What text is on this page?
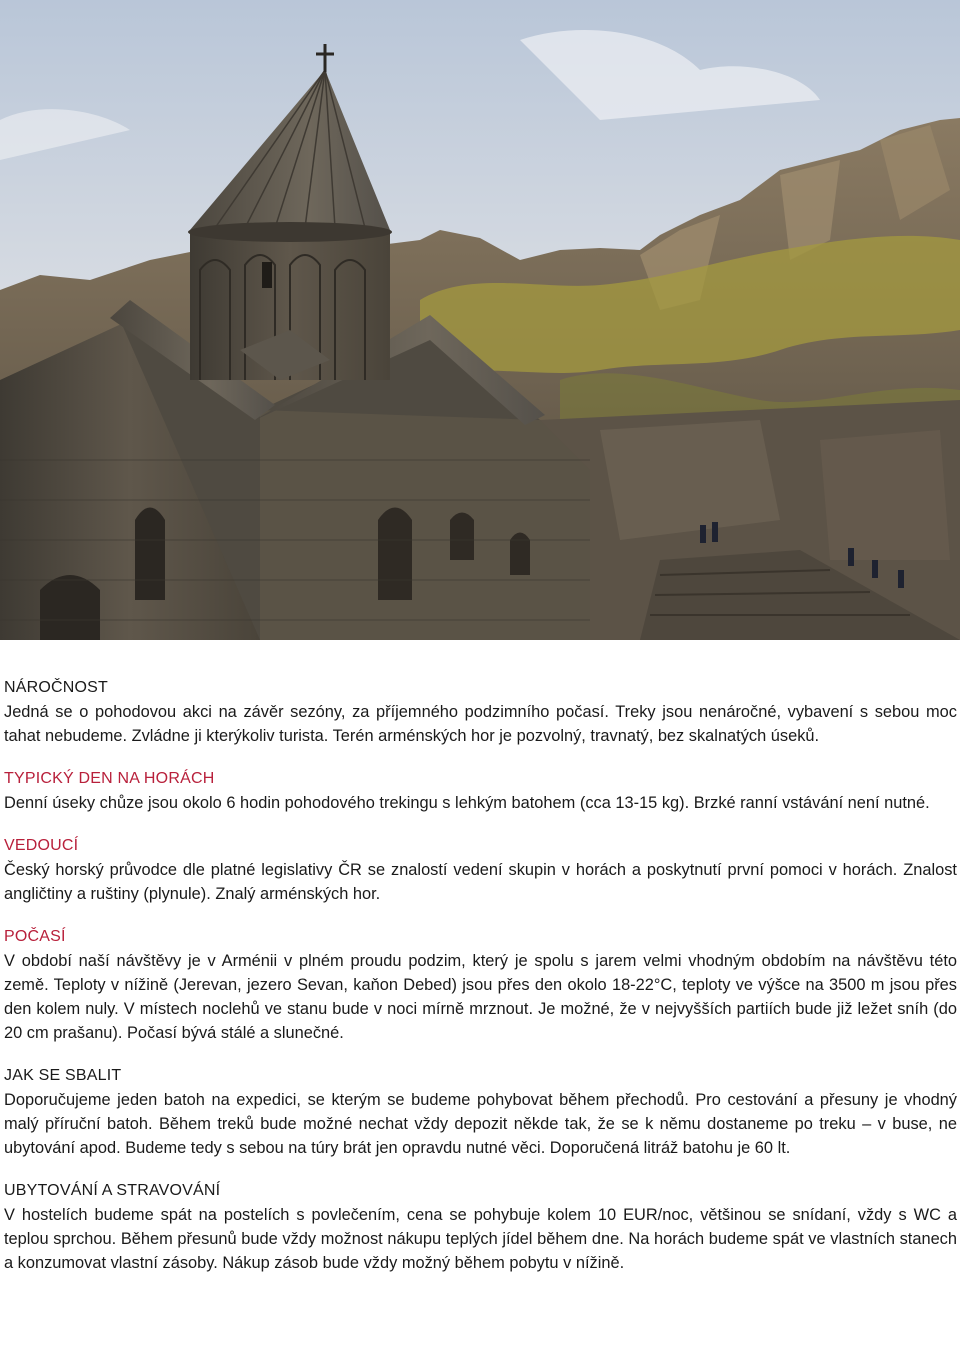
NÁROČNOST

Jedná se o pohodovou akci na závěr sezóny, za příjemného podzimního počasí. Treky jsou nenáročné, vybavení s sebou moc tahat nebudeme. Zvládne ji kterýkoliv turista. Terén arménských hor je pozvolný, travnatý, bez skalnatých úseků.

TYPICKÝ DEN NA HORÁCH

Denní úseky chůze jsou okolo 6 hodin pohodového trekingu s lehkým batohem (cca 13-15 kg). Brzké ranní vstávání není nutné.

VEDOUCÍ

Český horský průvodce dle platné legislativy ČR se znalostí vedení skupin v horách a poskytnutí první pomoci v horách. Znalost angličtiny a ruštiny (plynule). Znalý arménských hor.

POČASÍ

V období naší návštěvy je v Arménii v plném proudu podzim, který je spolu s jarem velmi vhodným obdobím na návštěvu této země. Teploty v nížině (Jerevan, jezero Sevan, kaňon Debed) jsou přes den okolo 18-22°C, teploty ve výšce na 3500 m jsou přes den kolem nuly. V místech noclehů ve stanu bude v noci mírně mrznout. Je možné, že v nejvyšších partiích bude již ležet sníh (do 20 cm prašanu). Počasí bývá stálé a slunečné.

JAK SE SBALIT

Doporučujeme jeden batoh na expedici, se kterým se budeme pohybovat během přechodů. Pro cestování a přesuny je vhodný malý příruční batoh. Během treků bude možné nechat vždy depozit někde tak, že se k němu dostaneme po treku – v buse, ne ubytování apod. Budeme tedy s sebou na túry brát jen opravdu nutné věci. Doporučená litráž batohu je 60 lt.

UBYTOVÁNÍ A STRAVOVÁNÍ

V hostelích budeme spát na postelích s povlečením, cena se pohybuje kolem 10 EUR/noc, většinou se snídaní, vždy s WC a teplou sprchou. Během přesunů bude vždy možnost nákupu teplých jídel během dne. Na horách budeme spát ve vlastních stanech a konzumovat vlastní zásoby. Nákup zásob bude vždy možný během pobytu v nížině.
